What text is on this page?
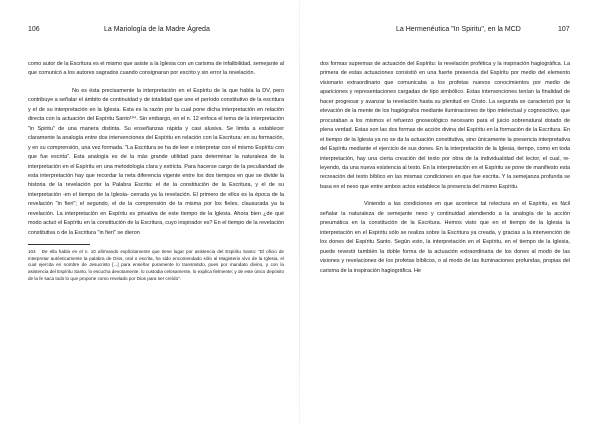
106	La Mariología de la Madre Ágreda

como autor de la Escritura es el mismo que asiste a la Iglesia con un carisma de infalibilidad, semejante al que comunicó a los autores sagrados cuando consignaran por escrito y sin error la revelación.

No es ésta precisamente la interpretación en el Espíritu de la que habla la DV, pero contribuye a señalar el ámbito de continuidad y de totalidad que une el período constitutivo de la escritura y el de su interpretación en la Iglesia. Esta es la razón por la cual pone dicha interpretación en relación directa con la actuación del Espíritu Santo¹⁰⁴. Sin embargo, en el n. 12 enfoca el tema de la interpretación "in Spiritu" de una manera distinta. Su enseñanzas rápida y casi alusiva. Se limita a establecer claramente la analogía entre dos intervenciones del Espíritu en relación con la Escritura: en su formación, y en su comprensión, una vez formada. "La Escritura se ha de leer e interpretar con el mismo Espíritu con que fue escrita". Esta analogía es de la más grande utilidad para determinar la naturaleza de la interpretación en el Espíritu en una metodología clara y estricta. Para hacerse cargo de la peculiaridad de esta interpretación hay que recordar la neta diferencia vigente entre los dos tiempos en que se divide la historia de la revelación por la Palabra Escrita: el de la constitución de la Escritura, y el de su interpretación -en el tiempo de la Iglesia- cerrada ya la revelación. El primero de ellos es la época de la revelación "in fieri"; el segundo, el de la comprensión de la misma por los fieles, clausurada ya la revelación. La interpretación en Espíritu es privativa de este tiempo de la Iglesia. Ahora bien ¿de qué modo actuó el Espíritu en la constitución de la Escritura, cuyo inspirador es? En el tiempo de la revelación constitutiva o de la Escritura "in fieri" se dieron

104 De ella habla en el n. 10 afirmando explícitamente que tiene lugar por asistencia del Espíritu Santo: "El oficio de interpretar auténticamente la palabra de Dios, oral o escrita, ha sido encomendado sólo al Magisterio vivo de la Iglesia, el cual ejercita en nombre de Jesucristo [...] para enseñar puramente lo transmitido, pues por mandato divino, y con la asistencia del Espíritu Santo, lo escucha devotamente, lo custodia celosamente, lo explica fielmente; y de este único depósito de la fe saca todo lo que propone como revelado por Dios para ser creído".

La Hermenéutica "In Spiritu", en la MCD	107

dos formas supremas de actuación del Espíritu: la revelación profética y la inspiración hagiográfica. La primera de estas actuaciones consistió en una fuerte presencia del Espíritu por medio del elemento visionario extraordinario que comunicaba a los profetas nuevos conocimientos por medio de apariciones y representaciones cargadas de tipo simbólico. Estas intervenciones tenían la finalidad de hacer progresar y avanzar la revelación hasta su plenitud en Cristo. La segunda se caracterizó por la elevación de la mente de los hagiógrafos mediante iluminaciones de tipo intelectual y cognoscitivo, que procuraban a los mismos el refuerzo gnoseológico necesario para el juicio sobrenatural dotado de plena verdad. Estas son las dos formas de acción divina del Espíritu en la formación de la Escritura. En el tiempo de la Iglesia ya no se da la actuación constitutiva, sino únicamente la presencia interpretativa del Espíritu mediante el ejercicio de sus dones. En la interpretación de la Iglesia, tiempo, como en toda interpretación, hay una cierta creación del texto por obra de la individualidad del lector, el cual, re-leyendo, da una nueva existencia al texto. En la interpretación en el Espíritu se pone de manifiesto esta recreación del texto bíblico en las mismas condiciones en que fue escrita. Y la semejanza profunda se basa en el nexo que entre ambos actos establece la presencia del mismo Espíritu.

Viniendo a las condiciones en que acontece tal relectura en el Espíritu, es fácil señalar la naturaleza de semejante nexo y continuidad atendiendo a la analogía de la acción pneumática en la constitución de la Escritura. Hemos visto que en el tiempo de la Iglesia la interpretación en el Espíritu sólo se realiza sobre la Escritura ya creada, y gracias a la intervención de los dones del Espíritu Santo. Según esto, la interpretación en el Espíritu, en el tiempo de la Iglesia, puede revestir también la doble forma de la actuación extraordinaria de los dones al modo de las visiones y revelaciones de los profetas bíblicos, o al modo de las iluminaciones profundas, propias del carisma de la inspiración hagiográfica. He
